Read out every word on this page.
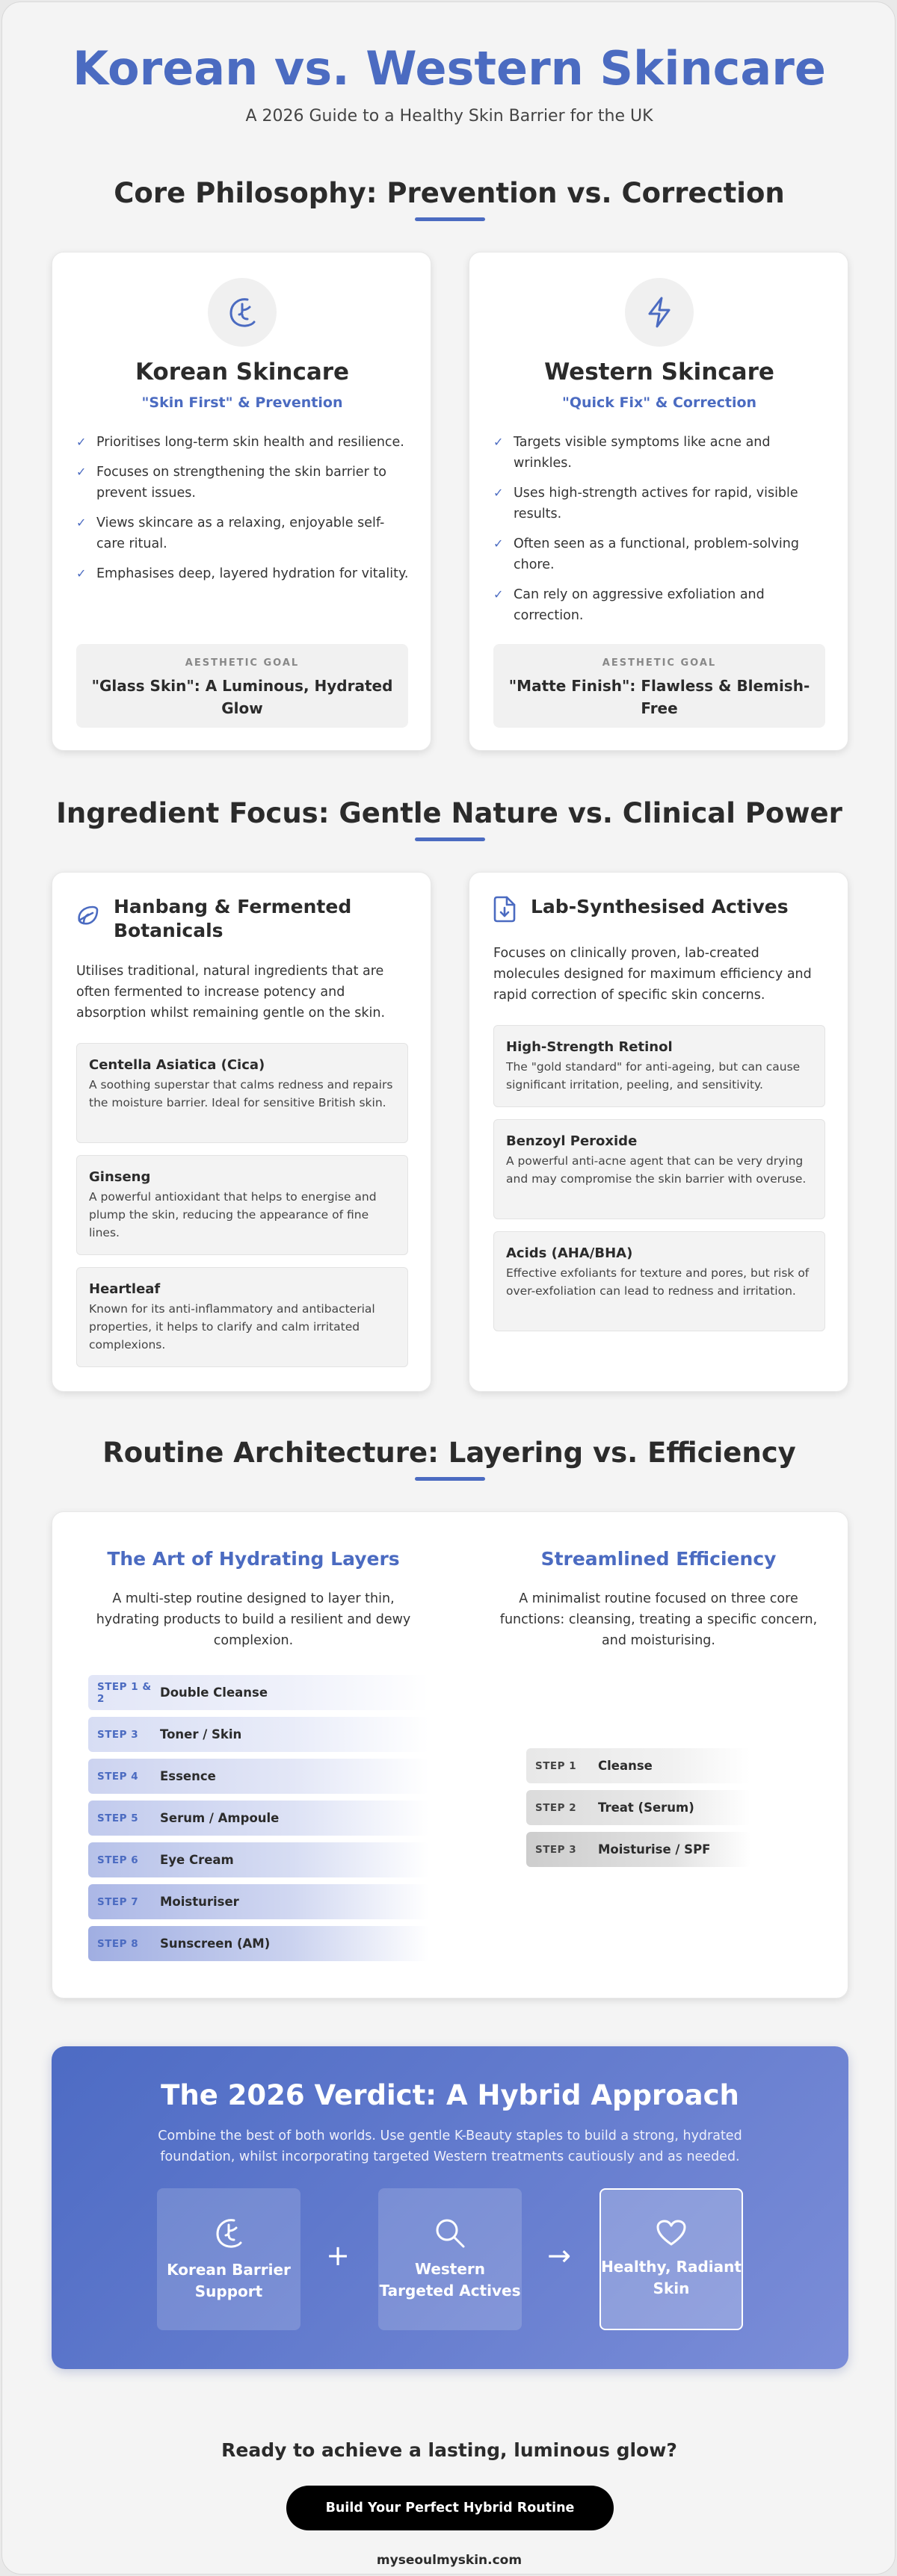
Korean vs. Western Skincare
A 2026 Guide to a Healthy Skin Barrier for the UK
Core Philosophy: Prevention vs. Correction
Korean Skincare
"Skin First" & Prevention
✓ Prioritises long-term skin health and resilience.
✓ Focuses on strengthening the skin barrier to prevent issues.
✓ Views skincare as a relaxing, enjoyable self-care ritual.
✓ Emphasises deep, layered hydration for vitality.
AESTHETIC GOAL
"Glass Skin": A Luminous, Hydrated Glow
Western Skincare
"Quick Fix" & Correction
✓ Targets visible symptoms like acne and wrinkles.
✓ Uses high-strength actives for rapid, visible results.
✓ Often seen as a functional, problem-solving chore.
✓ Can rely on aggressive exfoliation and correction.
AESTHETIC GOAL
"Matte Finish": Flawless & Blemish-Free
Ingredient Focus: Gentle Nature vs. Clinical Power
Hanbang & Fermented Botanicals
Utilises traditional, natural ingredients that are often fermented to increase potency and absorption whilst remaining gentle on the skin.
Centella Asiatica (Cica)
A soothing superstar that calms redness and repairs the moisture barrier. Ideal for sensitive British skin.
Ginseng
A powerful antioxidant that helps to energise and plump the skin, reducing the appearance of fine lines.
Heartleaf
Known for its anti-inflammatory and antibacterial properties, it helps to clarify and calm irritated complexions.
Lab-Synthesised Actives
Focuses on clinically proven, lab-created molecules designed for maximum efficiency and rapid correction of specific skin concerns.
High-Strength Retinol
The "gold standard" for anti-ageing, but can cause significant irritation, peeling, and sensitivity.
Benzoyl Peroxide
A powerful anti-acne agent that can be very drying and may compromise the skin barrier with overuse.
Acids (AHA/BHA)
Effective exfoliants for texture and pores, but risk of over-exfoliation can lead to redness and irritation.
Routine Architecture: Layering vs. Efficiency
The Art of Hydrating Layers
A multi-step routine designed to layer thin, hydrating products to build a resilient and dewy complexion.
STEP 1 & 2	Double Cleanse
STEP 3	Toner / Skin
STEP 4	Essence
STEP 5	Serum / Ampoule
STEP 6	Eye Cream
STEP 7	Moisturiser
STEP 8	Sunscreen (AM)
Streamlined Efficiency
A minimalist routine focused on three core functions: cleansing, treating a specific concern, and moisturising.
STEP 1	Cleanse
STEP 2	Treat (Serum)
STEP 3	Moisturise / SPF
The 2026 Verdict: A Hybrid Approach
Combine the best of both worlds. Use gentle K-Beauty staples to build a strong, hydrated foundation, whilst incorporating targeted Western treatments cautiously and as needed.
Korean Barrier Support
+	Western Targeted Actives
→	Healthy, Radiant Skin
Ready to achieve a lasting, luminous glow?
Build Your Perfect Hybrid Routine
myseoulmyskin.com
